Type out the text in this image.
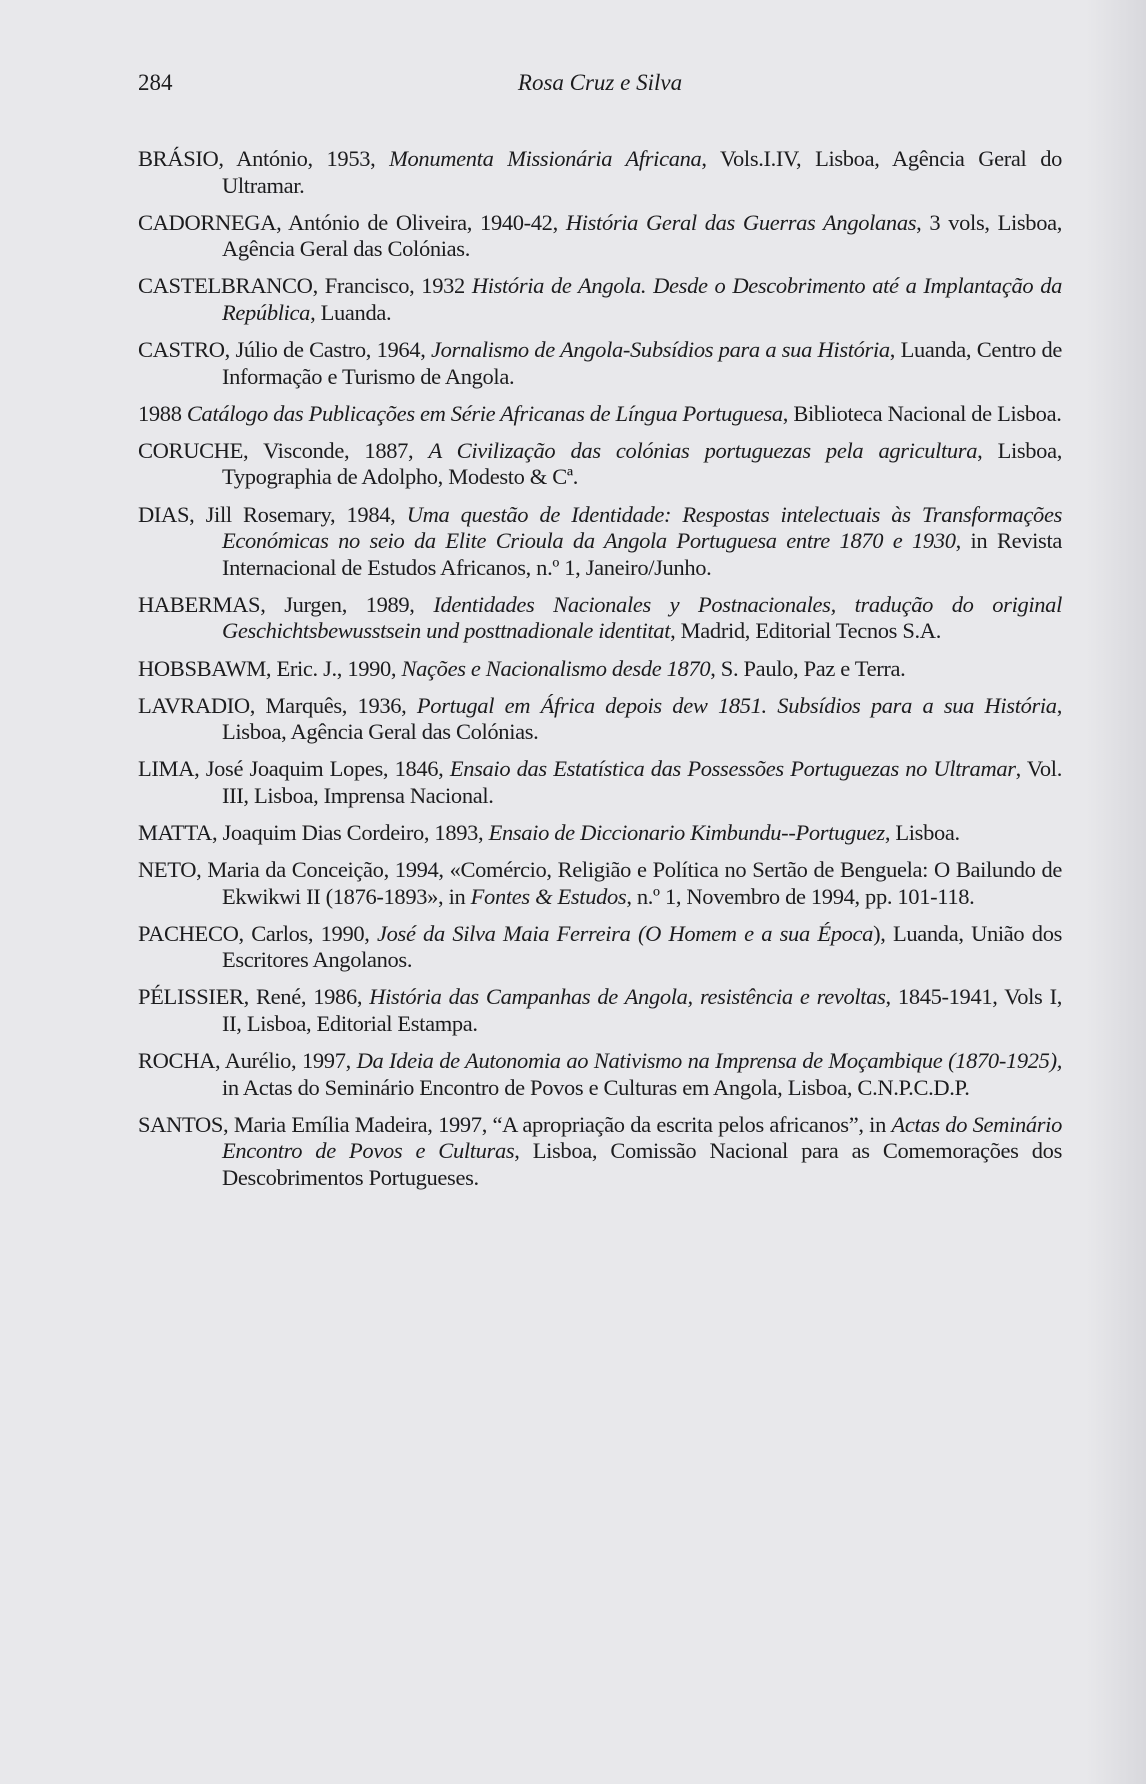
284	Rosa Cruz e Silva

BRÁSIO, António, 1953, Monumenta Missionária Africana, Vols.I.IV, Lisboa, Agência Geral do Ultramar.

CADORNEGA, António de Oliveira, 1940-42, História Geral das Guerras Angolanas, 3 vols, Lisboa, Agência Geral das Colónias.

CASTELBRANCO, Francisco, 1932 História de Angola. Desde o Descobrimento até a Implantação da República, Luanda.

CASTRO, Júlio de Castro, 1964, Jornalismo de Angola-Subsídios para a sua História, Luanda, Centro de Informação e Turismo de Angola.

1988 Catálogo das Publicações em Série Africanas de Língua Portuguesa, Biblioteca Nacional de Lisboa.

CORUCHE, Visconde, 1887, A Civilização das colónias portuguezas pela agricultura, Lisboa, Typographia de Adolpho, Modesto & Cª.

DIAS, Jill Rosemary, 1984, Uma questão de Identidade: Respostas intelectuais às Transformações Económicas no seio da Elite Crioula da Angola Portuguesa entre 1870 e 1930, in Revista Internacional de Estudos Africanos, n.º 1, Janeiro/Junho.

HABERMAS, Jurgen, 1989, Identidades Nacionales y Postnacionales, tradução do original Geschichtsbewusstsein und posttnadionale identitat, Madrid, Editorial Tecnos S.A.

HOBSBAWM, Eric. J., 1990, Nações e Nacionalismo desde 1870, S. Paulo, Paz e Terra.

LAVRADIO, Marquês, 1936, Portugal em África depois dew 1851. Subsídios para a sua História, Lisboa, Agência Geral das Colónias.

LIMA, José Joaquim Lopes, 1846, Ensaio das Estatística das Possessões Portuguezas no Ultramar, Vol. III, Lisboa, Imprensa Nacional.

MATTA, Joaquim Dias Cordeiro, 1893, Ensaio de Diccionario Kimbundu--Portuguez, Lisboa.

NETO, Maria da Conceição, 1994, «Comércio, Religião e Política no Sertão de Benguela: O Bailundo de Ekwikwi II (1876-1893», in Fontes & Estudos, n.º 1, Novembro de 1994, pp. 101-118.

PACHECO, Carlos, 1990, José da Silva Maia Ferreira (O Homem e a sua Época), Luanda, União dos Escritores Angolanos.

PÉLISSIER, René, 1986, História das Campanhas de Angola, resistência e revoltas, 1845-1941, Vols I, II, Lisboa, Editorial Estampa.

ROCHA, Aurélio, 1997, Da Ideia de Autonomia ao Nativismo na Imprensa de Moçambique (1870-1925), in Actas do Seminário Encontro de Povos e Culturas em Angola, Lisboa, C.N.P.C.D.P.

SANTOS, Maria Emília Madeira, 1997, “A apropriação da escrita pelos africanos”, in Actas do Seminário Encontro de Povos e Culturas, Lisboa, Comissão Nacional para as Comemorações dos Descobrimentos Portugueses.
